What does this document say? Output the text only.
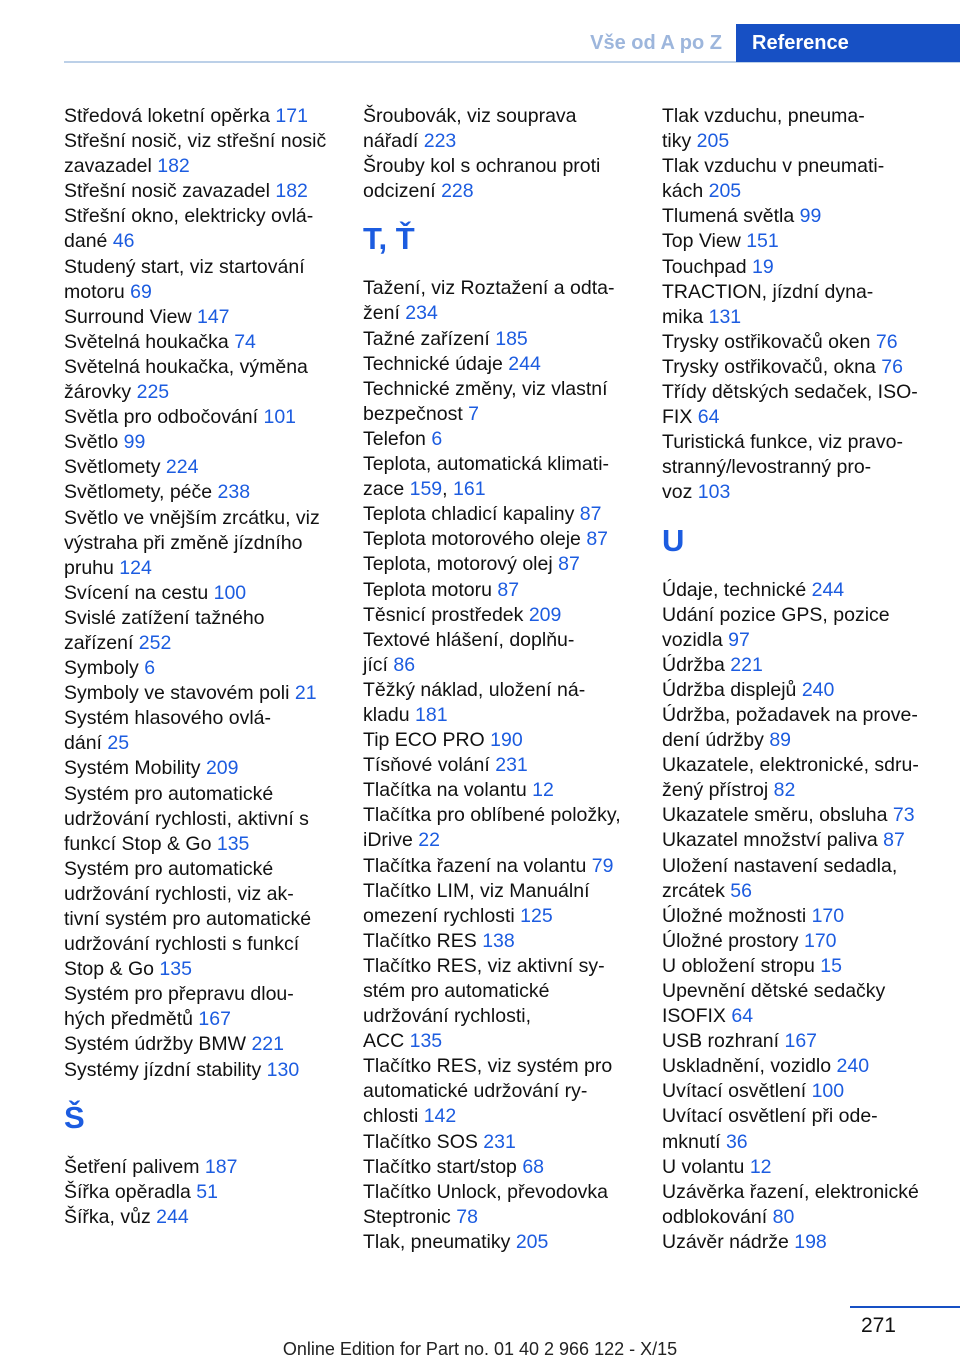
Vše od A po Z	Reference
Středová loketní opěrka 171
Střešní nosič, viz střešní nosič
zavazadel 182
Střešní nosič zavazadel 182
Střešní okno, elektricky ovlá-
dané 46
Studený start, viz startování
motoru 69
Surround View 147
Světelná houkačka 74
Světelná houkačka, výměna
žárovky 225
Světla pro odbočování 101
Světlo 99
Světlomety 224
Světlomety, péče 238
Světlo ve vnějším zrcátku, viz
výstraha při změně jízdního
pruhu 124
Svícení na cestu 100
Svislé zatížení tažného
zařízení 252
Symboly 6
Symboly ve stavovém poli 21
Systém hlasového ovlá-
dání 25
Systém Mobility 209
Systém pro automatické
udržování rychlosti, aktivní s
funkcí Stop & Go 135
Systém pro automatické
udržování rychlosti, viz ak-
tivní systém pro automatické
udržování rychlosti s funkcí
Stop & Go 135
Systém pro přepravu dlou-
hých předmětů 167
Systém údržby BMW 221
Systémy jízdní stability 130
Š
Šetření palivem 187
Šířka opěradla 51
Šířka, vůz 244
Šroubovák, viz souprava
nářadí 223
Šrouby kol s ochranou proti
odcizení 228
T, Ť
Tažení, viz Roztažení a odta-
žení 234
Tažné zařízení 185
Technické údaje 244
Technické změny, viz vlastní
bezpečnost 7
Telefon 6
Teplota, automatická klimati-
zace 159, 161
Teplota chladicí kapaliny 87
Teplota motorového oleje 87
Teplota, motorový olej 87
Teplota motoru 87
Těsnicí prostředek 209
Textové hlášení, doplňu-
jící 86
Těžký náklad, uložení ná-
kladu 181
Tip ECO PRO 190
Tísňové volání 231
Tlačítka na volantu 12
Tlačítka pro oblíbené položky,
iDrive 22
Tlačítka řazení na volantu 79
Tlačítko LIM, viz Manuální
omezení rychlosti 125
Tlačítko RES 138
Tlačítko RES, viz aktivní sy-
stém pro automatické
udržování rychlosti,
ACC 135
Tlačítko RES, viz systém pro
automatické udržování ry-
chlosti 142
Tlačítko SOS 231
Tlačítko start/stop 68
Tlačítko Unlock, převodovka
Steptronic 78
Tlak, pneumatiky 205
Tlak vzduchu, pneuma-
tiky 205
Tlak vzduchu v pneumati-
kách 205
Tlumená světla 99
Top View 151
Touchpad 19
TRACTION, jízdní dyna-
mika 131
Trysky ostřikovačů oken 76
Trysky ostřikovačů, okna 76
Třídy dětských sedaček, ISO-
FIX 64
Turistická funkce, viz pravo-
stranný/levostranný pro-
voz 103
U
Údaje, technické 244
Udání pozice GPS, pozice
vozidla 97
Údržba 221
Údržba displejů 240
Údržba, požadavek na prove-
dení údržby 89
Ukazatele, elektronické, sdru-
žený přístroj 82
Ukazatele směru, obsluha 73
Ukazatel množství paliva 87
Uložení nastavení sedadla,
zrcátek 56
Úložné možnosti 170
Úložné prostory 170
U obložení stropu 15
Upevnění dětské sedačky
ISOFIX 64
USB rozhraní 167
Uskladnění, vozidlo 240
Uvítací osvětlení 100
Uvítací osvětlení při ode-
mknutí 36
U volantu 12
Uzávěrka řazení, elektronické
odblokování 80
Uzávěr nádrže 198
271
Online Edition for Part no. 01 40 2 966 122 - X/15
